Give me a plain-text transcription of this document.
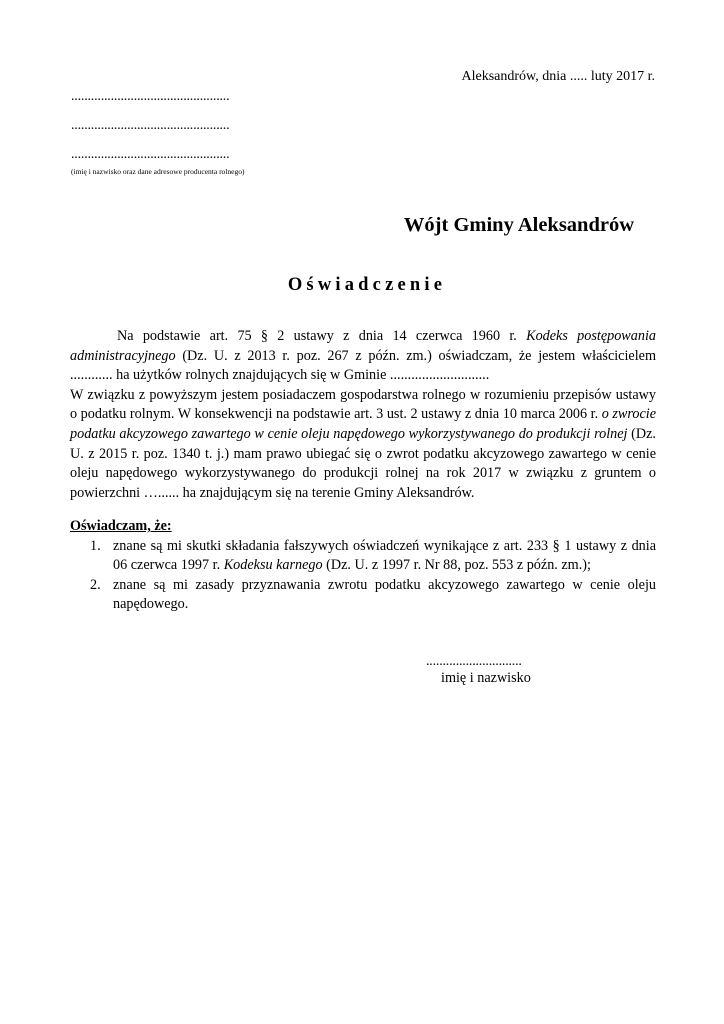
Aleksandrów, dnia ..... luty 2017 r.
................................................
................................................
................................................
(imię i nazwisko oraz dane adresowe producenta rolnego)
Wójt Gminy Aleksandrów
Oświadczenie

Na podstawie art. 75 § 2 ustawy z dnia 14 czerwca 1960 r. Kodeks postępowania administracyjnego (Dz. U. z 2013 r. poz. 267 z późn. zm.) oświadczam, że jestem właścicielem ............ ha użytków rolnych znajdujących się w Gminie ............................

W związku z powyższym jestem posiadaczem gospodarstwa rolnego w rozumieniu przepisów ustawy o podatku rolnym. W konsekwencji na podstawie art. 3 ust. 2 ustawy z dnia 10 marca 2006 r. o zwrocie podatku akcyzowego zawartego w cenie oleju napędowego wykorzystywanego do produkcji rolnej (Dz. U. z 2015 r. poz. 1340 t. j.) mam prawo ubiegać się o zwrot podatku akcyzowego zawartego w cenie oleju napędowego wykorzystywanego do produkcji rolnej na rok 2017 w związku z gruntem o powierzchni …...... ha znajdującym się na terenie Gminy Aleksandrów.

Oświadczam, że:
1. znane są mi skutki składania fałszywych oświadczeń wynikające z art. 233 § 1 ustawy z dnia 06 czerwca 1997 r. Kodeksu karnego (Dz. U. z 1997 r. Nr 88, poz. 553 z późn. zm.);
2. znane są mi zasady przyznawania zwrotu podatku akcyzowego zawartego w cenie oleju napędowego.
.............................
imię i nazwisko
